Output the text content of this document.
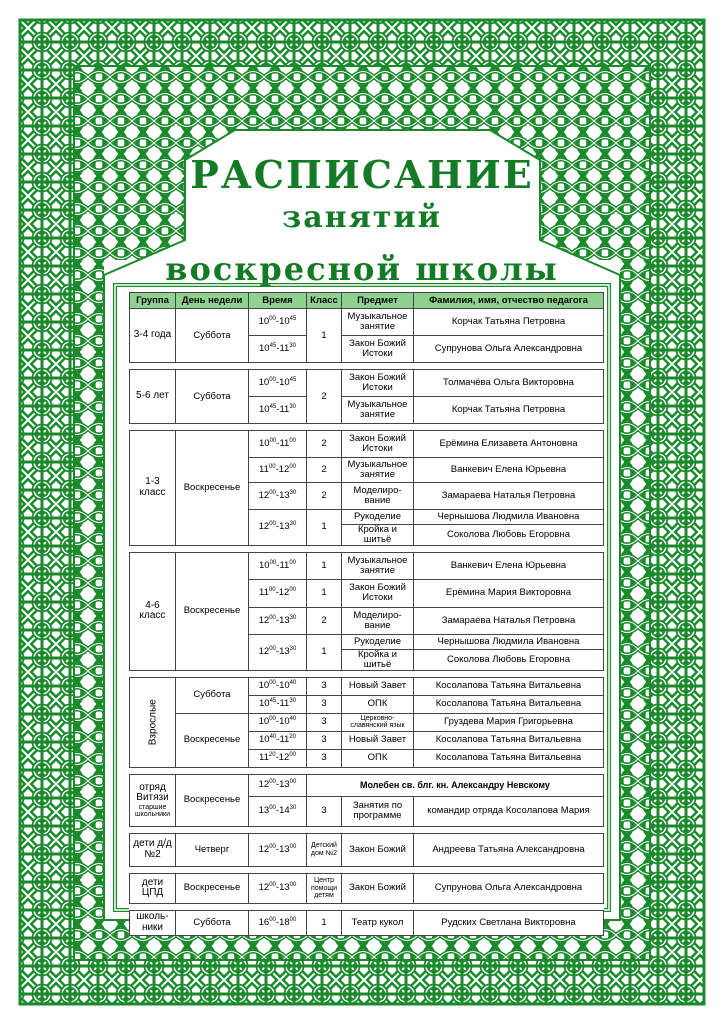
РАСПИСАНИЕ
занятий
воскресной школы
Группа	День недели	Время	Класс	Предмет	Фамилия, имя, отчество педагога

3-4 года	Суббота	$10^{00}-10^{45}$	1	Музыкальное занятие	Корчак Татьяна Петровна
		$10^{45}-11^{30}$		Закон Божий Истоки	Супрунова Ольга Александровна

5-6 лет	Суббота	$10^{00}-10^{45}$	2	Закон Божий Истоки	Толмачёва Ольга Викторовна
		$10^{45}-11^{30}$		Музыкальное занятие	Корчак Татьяна Петровна

1-3 класс	Воскресенье	$10^{00}-11^{00}$	2	Закон Божий Истоки	Ерёмина Елизавета Антоновна
		$11^{00}-12^{00}$	2	Музыкальное занятие	Ванкевич Елена Юрьевна
		$12^{00}-13^{30}$	2	Моделиро-вание	Замараева Наталья Петровна
		$12^{00}-13^{30}$	1	Рукоделие	Чернышова Людмила Ивановна
				Кройка и шитьё	Соколова Любовь Егоровна

4-6 класс	Воскресенье	$10^{00}-11^{00}$	1	Музыкальное занятие	Ванкевич Елена Юрьевна
		$11^{00}-12^{00}$	1	Закон Божий Истоки	Ерёмина Мария Викторовна
		$12^{00}-13^{30}$	2	Моделиро-вание	Замараева Наталья Петровна
		$12^{00}-13^{30}$	1	Рукоделие	Чернышова Людмила Ивановна
				Кройка и шитьё	Соколова Любовь Егоровна

Взрослые	Суббота	$10^{00}-10^{40}$	3	Новый Завет	Косолапова Татьяна Витальевна
		$10^{45}-11^{30}$	3	ОПК	Косолапова Татьяна Витальевна
	Воскресенье	$10^{00}-10^{40}$	3	Церковно-славянский язык	Груздева Мария Григорьевна
		$10^{40}-11^{20}$	3	Новый Завет	Косолапова Татьяна Витальевна
		$11^{20}-12^{00}$	3	ОПК	Косолапова Татьяна Витальевна

отряд Витязи
старшие школьники	Воскресенье	$12^{00}-13^{00}$	Молебен св. блг. кн. Александру Невскому		
		$13^{00}-14^{30}$	3	Занятия по программе	командир отряда Косолапова Мария

дети д/д №2	Четверг	$12^{00}-13^{00}$	Детский дом №2	Закон Божий	Андреева Татьяна Александровна

дети ЦПД	Воскресенье	$12^{00}-13^{00}$	Центр помощи детям	Закон Божий	Супрунова Ольга Александровна

школь-ники	Суббота	$16^{00}-18^{00}$	1	Театр кукол	Рудских Светлана Викторовна
